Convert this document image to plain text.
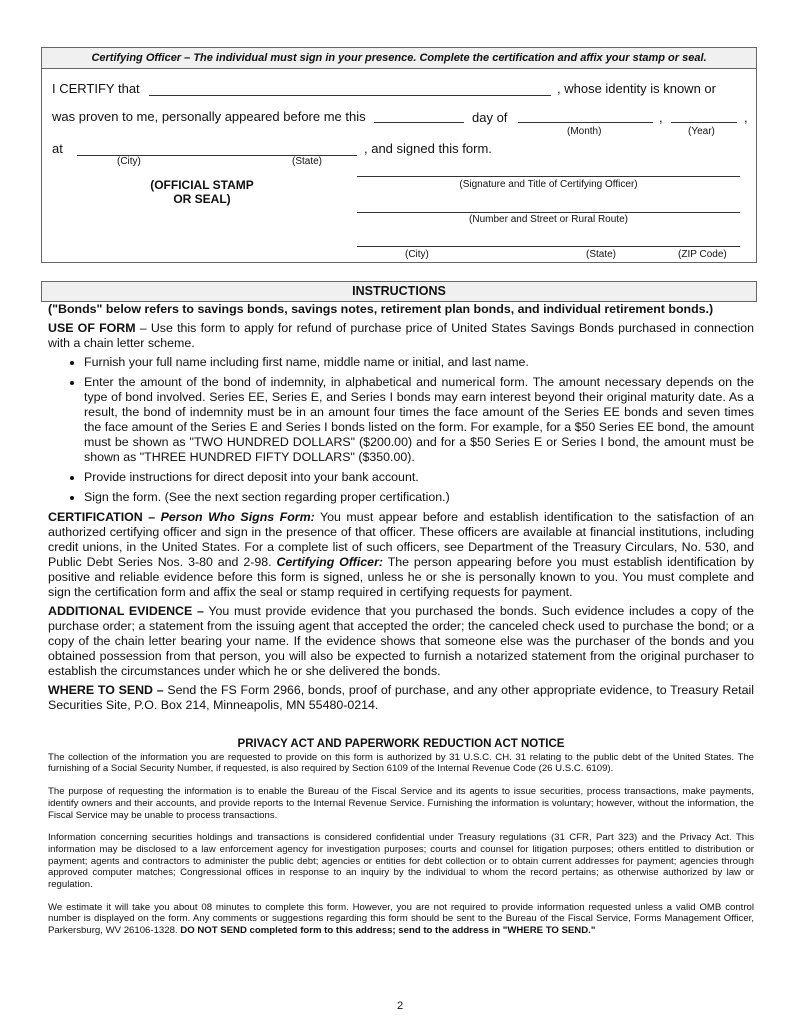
Certifying Officer – The individual must sign in your presence. Complete the certification and affix your stamp or seal.
I CERTIFY that	, whose identity is known or
was proven to me, personally appeared before me this	day of	,	,
(Month)	(Year)
at	, and signed this form.
(City)	(State)
(OFFICIAL STAMP
OR SEAL)
(Signature and Title of Certifying Officer)
(Number and Street or Rural Route)
(City)	(State)	(ZIP Code)
INSTRUCTIONS

("Bonds" below refers to savings bonds, savings notes, retirement plan bonds, and individual retirement bonds.)

USE OF FORM – Use this form to apply for refund of purchase price of United States Savings Bonds purchased in connection with a chain letter scheme.

• Furnish your full name including first name, middle name or initial, and last name.
• Enter the amount of the bond of indemnity, in alphabetical and numerical form. The amount necessary depends on the type of bond involved. Series EE, Series E, and Series I bonds may earn interest beyond their original maturity date. As a result, the bond of indemnity must be in an amount four times the face amount of the Series EE bonds and seven times the face amount of the Series E and Series I bonds listed on the form. For example, for a $50 Series EE bond, the amount must be shown as "TWO HUNDRED DOLLARS" ($200.00) and for a $50 Series E or Series I bond, the amount must be shown as "THREE HUNDRED FIFTY DOLLARS" ($350.00).
• Provide instructions for direct deposit into your bank account.
• Sign the form. (See the next section regarding proper certification.)

CERTIFICATION – Person Who Signs Form: You must appear before and establish identification to the satisfaction of an authorized certifying officer and sign in the presence of that officer. These officers are available at financial institutions, including credit unions, in the United States. For a complete list of such officers, see Department of the Treasury Circulars, No. 530, and Public Debt Series Nos. 3-80 and 2-98. Certifying Officer: The person appearing before you must establish identification by positive and reliable evidence before this form is signed, unless he or she is personally known to you. You must complete and sign the certification form and affix the seal or stamp required in certifying requests for payment.

ADDITIONAL EVIDENCE – You must provide evidence that you purchased the bonds. Such evidence includes a copy of the purchase order; a statement from the issuing agent that accepted the order; the canceled check used to purchase the bond; or a copy of the chain letter bearing your name. If the evidence shows that someone else was the purchaser of the bonds and you obtained possession from that person, you will also be expected to furnish a notarized statement from the original purchaser to establish the circumstances under which he or she delivered the bonds.

WHERE TO SEND – Send the FS Form 2966, bonds, proof of purchase, and any other appropriate evidence, to Treasury Retail Securities Site, P.O. Box 214, Minneapolis, MN 55480-0214.

PRIVACY ACT AND PAPERWORK REDUCTION ACT NOTICE

The collection of the information you are requested to provide on this form is authorized by 31 U.S.C. CH. 31 relating to the public debt of the United States. The furnishing of a Social Security Number, if requested, is also required by Section 6109 of the Internal Revenue Code (26 U.S.C. 6109).

The purpose of requesting the information is to enable the Bureau of the Fiscal Service and its agents to issue securities, process transactions, make payments, identify owners and their accounts, and provide reports to the Internal Revenue Service. Furnishing the information is voluntary; however, without the information, the Fiscal Service may be unable to process transactions.

Information concerning securities holdings and transactions is considered confidential under Treasury regulations (31 CFR, Part 323) and the Privacy Act. This information may be disclosed to a law enforcement agency for investigation purposes; courts and counsel for litigation purposes; others entitled to distribution or payment; agents and contractors to administer the public debt; agencies or entities for debt collection or to obtain current addresses for payment; agencies through approved computer matches; Congressional offices in response to an inquiry by the individual to whom the record pertains; as otherwise authorized by law or regulation.

We estimate it will take you about 08 minutes to complete this form. However, you are not required to provide information requested unless a valid OMB control number is displayed on the form. Any comments or suggestions regarding this form should be sent to the Bureau of the Fiscal Service, Forms Management Officer, Parkersburg, WV 26106-1328. DO NOT SEND completed form to this address; send to the address in "WHERE TO SEND."

2
